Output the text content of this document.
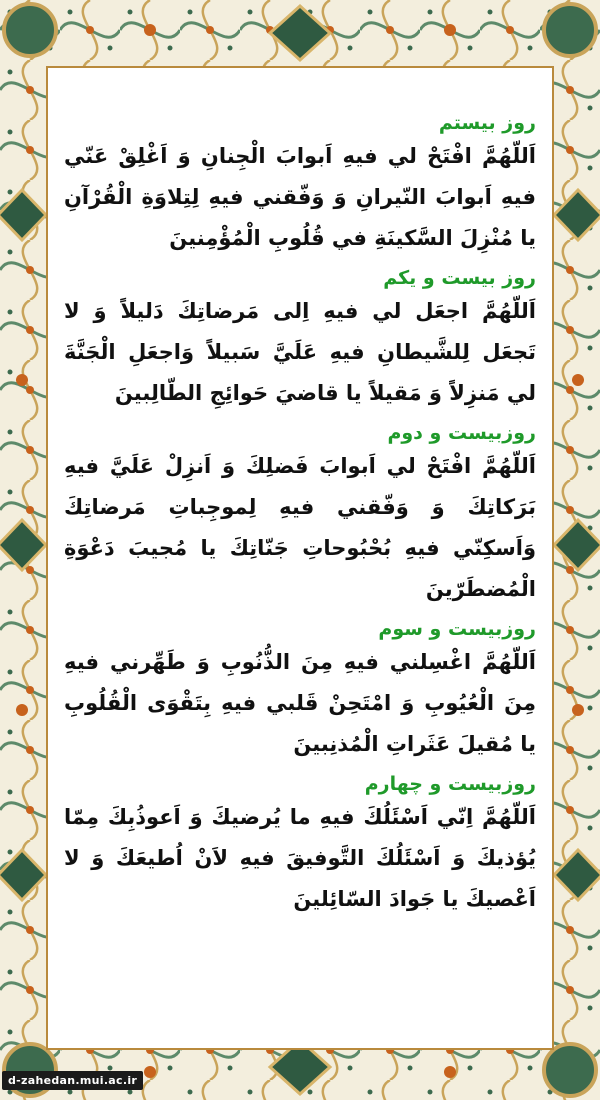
روز بیستم

اَللّهُمَّ افْتَحْ لي فيهِ اَبوابَ الْجِنانِ وَ اَغْلِقْ عَنّي فيهِ اَبوابَ النّيرانِ وَ وَفّقني فيهِ لِتِلاوَةِ الْقُرْآنِ يا مُنْزِلَ السَّكينَةِ في قُلُوبِ الْمُؤْمِنينَ

روز بیست و یکم

اَللّهُمَّ اجعَل لي فيهِ اِلى مَرضاتِكَ دَليلاً وَ لا تَجعَل لِلشَّيطانِ فيهِ عَلَيَّ سَبيلاً وَاجعَلِ الْجَنَّةَ لي مَنزِلاً وَ مَقيلاً يا قاضيَ حَوائِجِ الطّالِبينَ

روزبیست و دوم

اَللّهُمَّ افْتَحْ لي اَبوابَ فَضلِكَ وَ اَنزِلْ عَلَيَّ فيهِ بَرَكاتِكَ وَ وَفّقني فيهِ لِموجِباتِ مَرضاتِكَ وَاَسكِنّي فيهِ بُحْبُوحاتِ جَنّاتِكَ يا مُجيبَ دَعْوَةِ الْمُضطَرّينَ

روزبیست و سوم

اَللّهُمَّ اغْسِلني فيهِ مِنَ الذُّنُوبِ وَ طَهِّرني فيهِ مِنَ الْعُيُوبِ وَ امْتَحِنْ قَلبي فيهِ بِتَقْوَى الْقُلُوبِ يا مُقيلَ عَثَراتِ الْمُذنِبينَ

روزبیست و چهارم

اَللّهُمَّ اِنّي اَسْئَلُكَ فيهِ ما يُرضيكَ وَ اَعوذُبِكَ مِمّا يُؤذيكَ وَ اَسْئَلُكَ التَّوفيقَ فيهِ لاَنْ اُطيعَكَ وَ لا اَعْصيكَ يا جَوادَ السّائِلينَ

d-zahedan.mui.ac.ir
